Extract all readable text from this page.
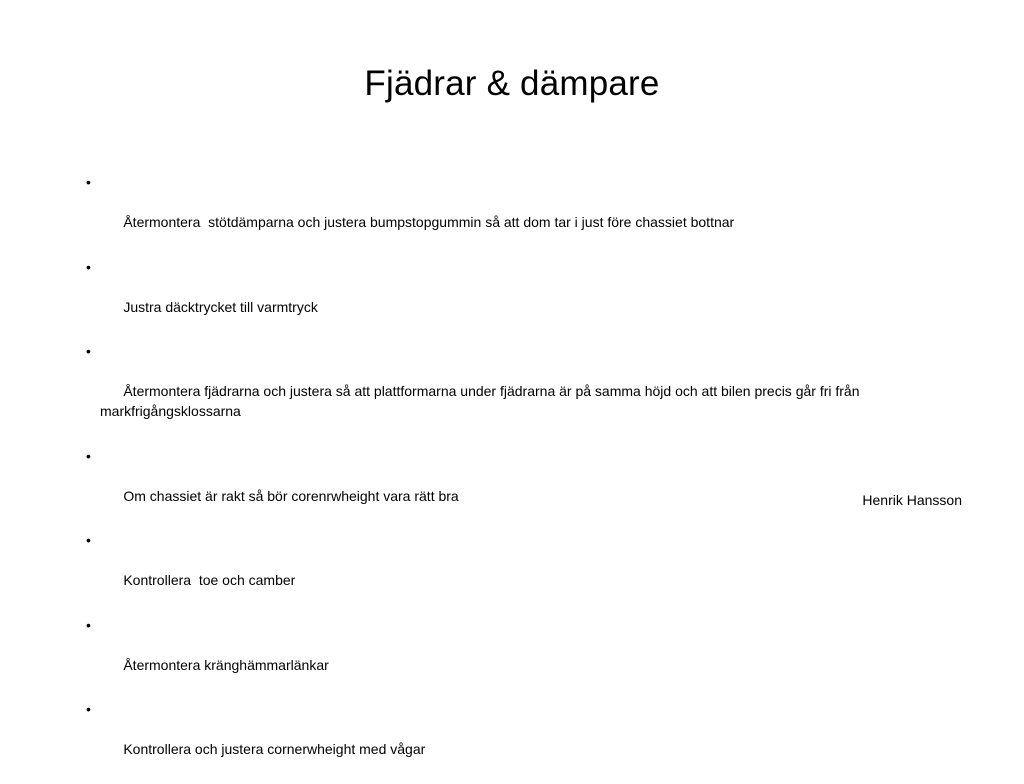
Fjädrar & dämpare

•

Återmontera  stötdämparna och justera bumpstopgummin så att dom tar i just före chassiet bottnar

•

Justra däcktrycket till varmtryck

•

Återmontera fjädrarna och justera så att plattformarna under fjädrarna är på samma höjd och att bilen precis går fri från markfrigångsklossarna

•

Om chassiet är rakt så bör corenrwheight vara rätt bra

•

Kontrollera  toe och camber

•

Återmontera kränghämmarlänkar

•

Kontrollera och justera cornerwheight med vågar

Henrik Hansson
